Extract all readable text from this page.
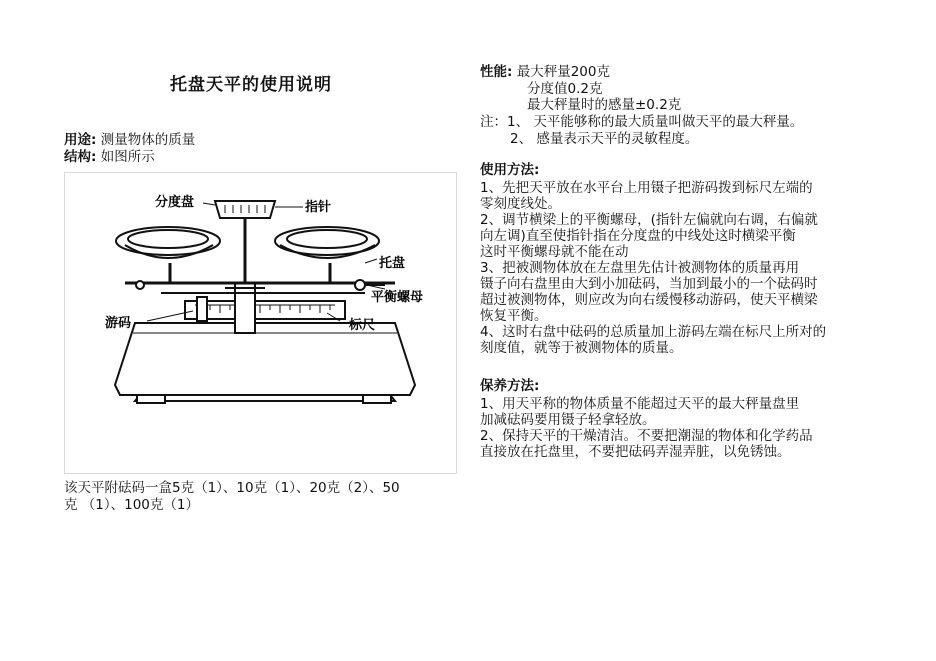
托盘天平的使用说明
用途: 测量物体的质量
结构: 如图所示
分度盘	指针
托盘
平衡螺母
游码	标尺
该天平附砝码一盒5克（1）、10克（1）、20克（2）、50
克 （1）、100克（1）
性能: 最大秤量200克
分度值0.2克
最大秤量时的感量±0.2克
注：1、 天平能够称的最大质量叫做天平的最大秤量。
2、 感量表示天平的灵敏程度。
使用方法:
1、先把天平放在水平台上用镊子把游码拨到标尺左端的
零刻度线处。
2、调节横梁上的平衡螺母，(指针左偏就向右调，右偏就
向左调)直至使指针指在分度盘的中线处这时横梁平衡
这时平衡螺母就不能在动
3、把被测物体放在左盘里先估计被测物体的质量再用
镊子向右盘里由大到小加砝码，当加到最小的一个砝码时
超过被测物体，则应改为向右缓慢移动游码，使天平横梁
恢复平衡。
4、这时右盘中砝码的总质量加上游码左端在标尺上所对的
刻度值，就等于被测物体的质量。
保养方法:
1、用天平称的物体质量不能超过天平的最大秤量盘里
加减砝码要用镊子轻拿轻放。
2、保持天平的干燥清洁。不要把潮湿的物体和化学药品
直接放在托盘里，不要把砝码弄湿弄脏，以免锈蚀。
